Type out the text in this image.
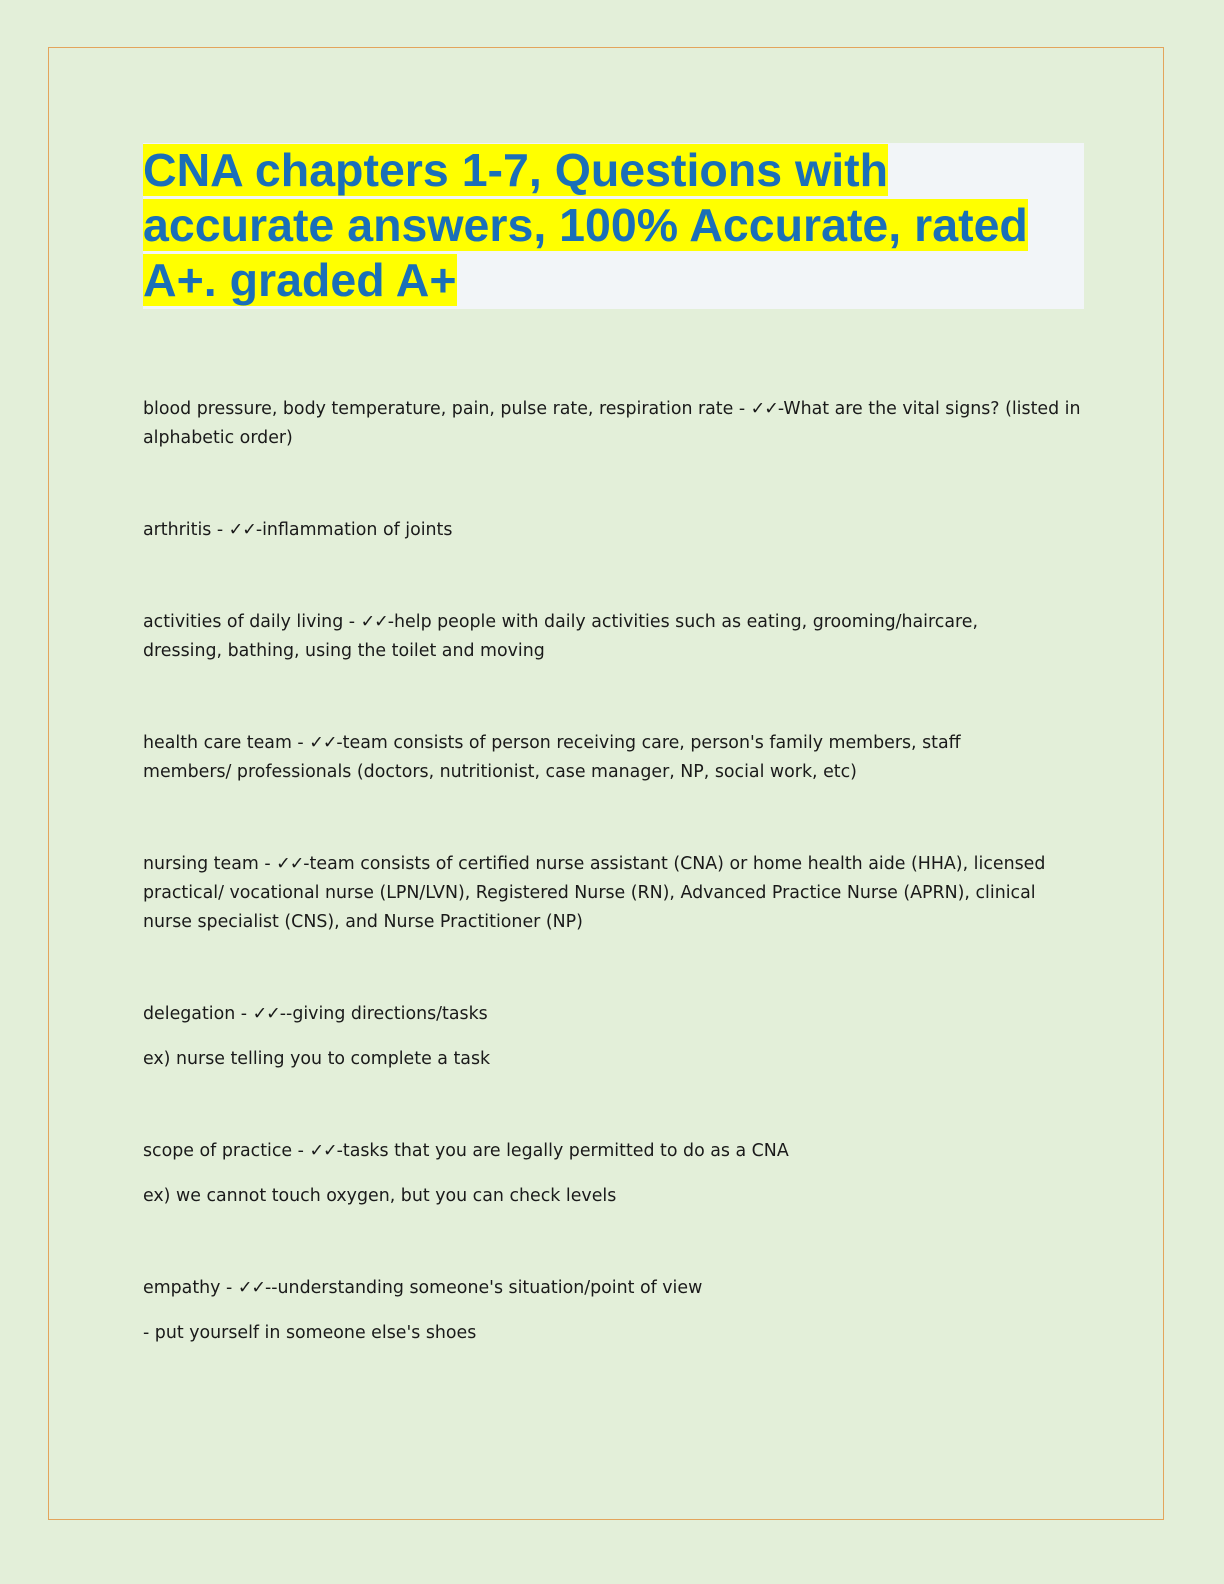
CNA chapters 1-7, Questions with accurate answers, 100% Accurate, rated A+. graded A+

blood pressure, body temperature, pain, pulse rate, respiration rate - ✓✓-What are the vital signs? (listed in alphabetic order)

arthritis - ✓✓-inflammation of joints

activities of daily living - ✓✓-help people with daily activities such as eating, grooming/haircare, dressing, bathing, using the toilet and moving

health care team - ✓✓-team consists of person receiving care, person's family members, staff members/ professionals (doctors, nutritionist, case manager, NP, social work, etc)

nursing team - ✓✓-team consists of certified nurse assistant (CNA) or home health aide (HHA), licensed practical/ vocational nurse (LPN/LVN), Registered Nurse (RN), Advanced Practice Nurse (APRN), clinical nurse specialist (CNS), and Nurse Practitioner (NP)

delegation - ✓✓--giving directions/tasks

ex) nurse telling you to complete a task

scope of practice - ✓✓-tasks that you are legally permitted to do as a CNA

ex) we cannot touch oxygen, but you can check levels

empathy - ✓✓--understanding someone's situation/point of view

- put yourself in someone else's shoes
